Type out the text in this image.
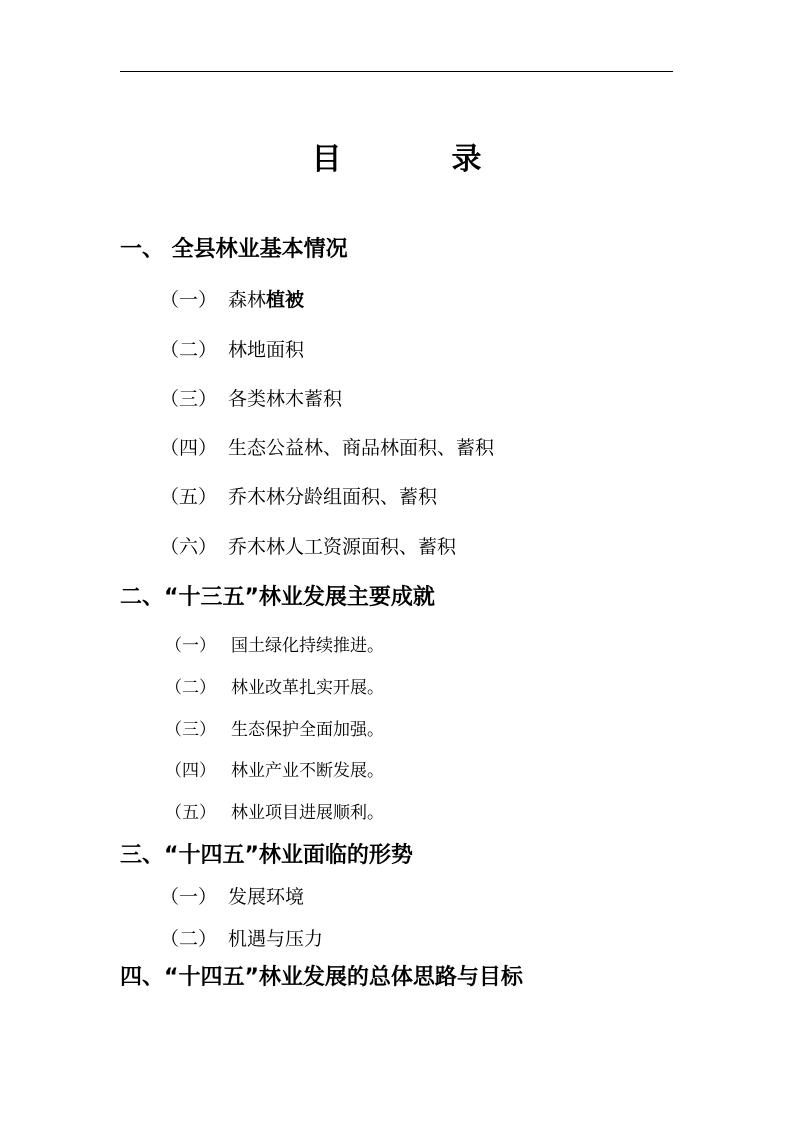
目　录
一、 全县林业基本情况
（一） 森林植被
（二） 林地面积
（三） 各类林木蓄积
（四） 生态公益林、商品林面积、蓄积
（五） 乔木林分龄组面积、蓄积
（六） 乔木林人工资源面积、蓄积
二、“十三五”林业发展主要成就
（一） 国土绿化持续推进。
（二） 林业改革扎实开展。
（三） 生态保护全面加强。
（四） 林业产业不断发展。
（五） 林业项目进展顺利。
三、“十四五”林业面临的形势
（一） 发展环境
（二） 机遇与压力
四、“十四五”林业发展的总体思路与目标
